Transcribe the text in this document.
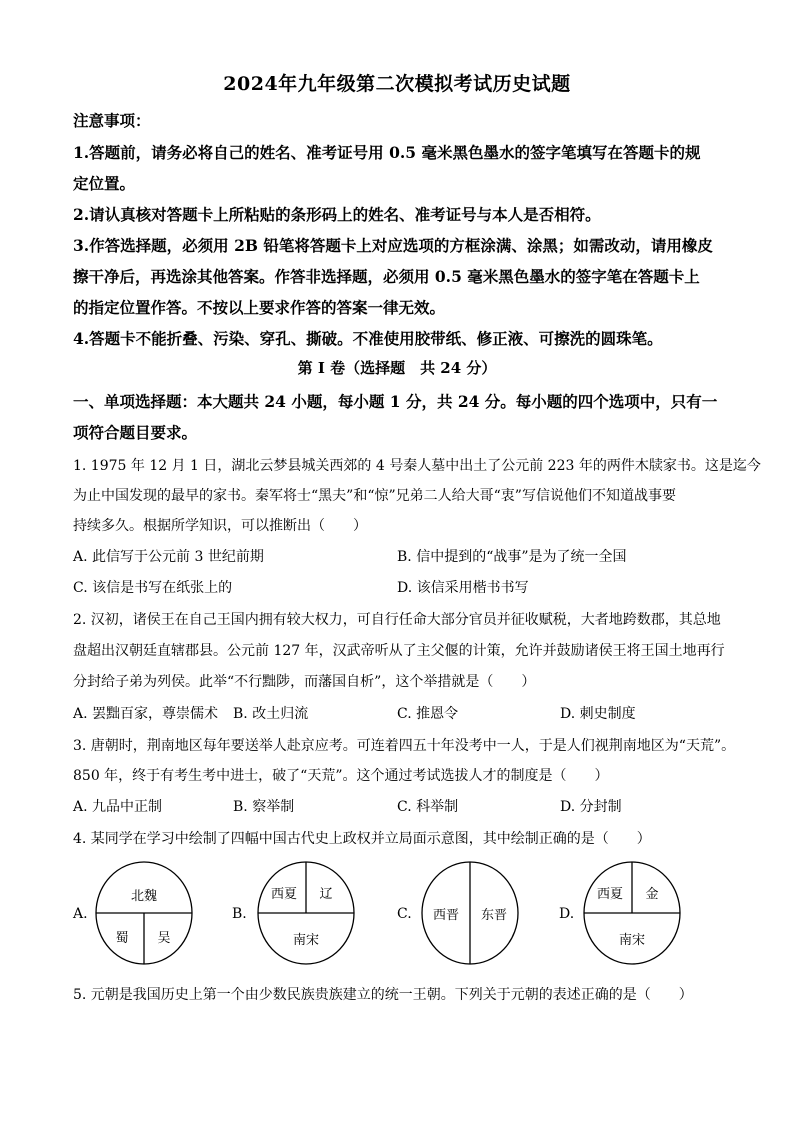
2024年九年级第二次模拟考试历史试题
注意事项：
1.答题前，请务必将自己的姓名、准考证号用 0.5 毫米黑色墨水的签字笔填写在答题卡的规
定位置。
2.请认真核对答题卡上所粘贴的条形码上的姓名、准考证号与本人是否相符。
3.作答选择题，必须用 2B 铅笔将答题卡上对应选项的方框涂满、涂黑；如需改动，请用橡皮
擦干净后，再选涂其他答案。作答非选择题，必须用 0.5 毫米黑色墨水的签字笔在答题卡上
的指定位置作答。不按以上要求作答的答案一律无效。
4.答题卡不能折叠、污染、穿孔、撕破。不准使用胶带纸、修正液、可擦洗的圆珠笔。
第 I 卷（选择题　共 24 分）
一、单项选择题：本大题共 24 小题，每小题 1 分，共 24 分。每小题的四个选项中，只有一
项符合题目要求。
1. 1975 年 12 月 1 日，湖北云梦县城关西郊的 4 号秦人墓中出土了公元前 223 年的两件木牍家书。这是迄今
为止中国发现的最早的家书。秦军将士“黑夫”和“惊”兄弟二人给大哥“衷”写信说他们不知道战事要
持续多久。根据所学知识，可以推断出（　　）
A. 此信写于公元前 3 世纪前期	B. 信中提到的“战事”是为了统一全国
C. 该信是书写在纸张上的	D. 该信采用楷书书写
2. 汉初，诸侯王在自己王国内拥有较大权力，可自行任命大部分官员并征收赋税，大者地跨数郡，其总地
盘超出汉朝廷直辖郡县。公元前 127 年，汉武帝听从了主父偃的计策，允许并鼓励诸侯王将王国土地再行
分封给子弟为列侯。此举“不行黜陟，而藩国自析”，这个举措就是（　　）
A. 罢黜百家，尊崇儒术 B. 改土归流	C. 推恩令	D. 刺史制度
3. 唐朝时，荆南地区每年要送举人赴京应考。可连着四五十年没考中一人，于是人们视荆南地区为“天荒”。
850 年，终于有考生考中进士，破了“天荒”。这个通过考试选拔人才的制度是（　　）
A. 九品中正制	B. 察举制	C. 科举制	D. 分封制
4. 某同学在学习中绘制了四幅中国古代史上政权并立局面示意图，其中绘制正确的是（　　）
A.
北魏
蜀 吴
B.
西夏 辽
南宋
C. 西晋 东晋	D.
西夏 金
南宋
5. 元朝是我国历史上第一个由少数民族贵族建立的统一王朝。下列关于元朝的表述正确的是（　　）
